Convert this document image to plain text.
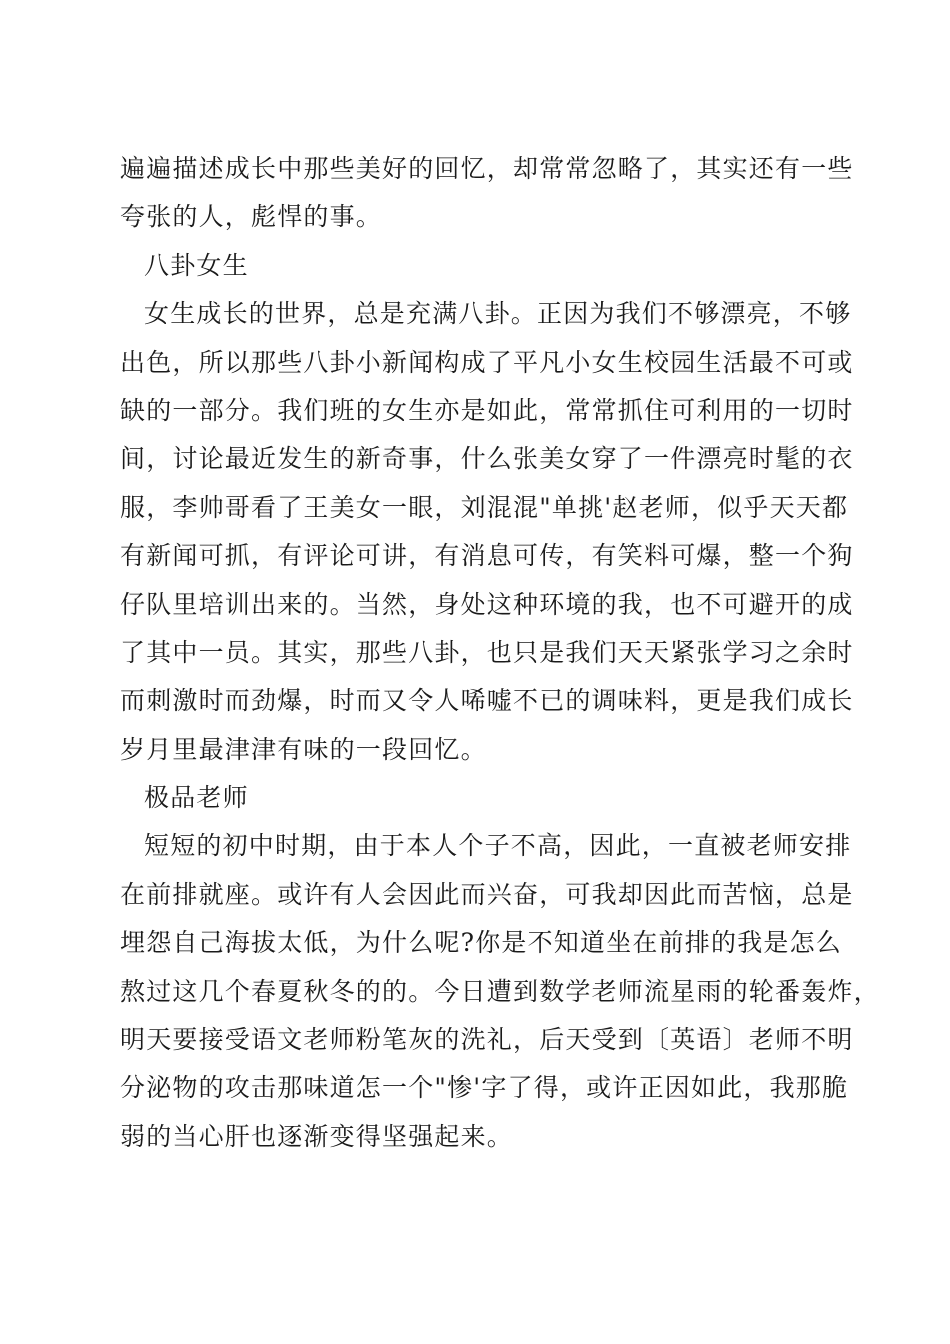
遍遍描述成长中那些美好的回忆，却常常忽略了，其实还有一些
夸张的人，彪悍的事。
八卦女生
女生成长的世界，总是充满八卦。正因为我们不够漂亮，不够
出色，所以那些八卦小新闻构成了平凡小女生校园生活最不可或
缺的一部分。我们班的女生亦是如此，常常抓住可利用的一切时
间，讨论最近发生的新奇事，什么张美女穿了一件漂亮时髦的衣
服，李帅哥看了王美女一眼，刘混混"单挑'赵老师，似乎天天都
有新闻可抓，有评论可讲，有消息可传，有笑料可爆，整一个狗
仔队里培训出来的。当然，身处这种环境的我，也不可避开的成
了其中一员。其实，那些八卦，也只是我们天天紧张学习之余时
而刺激时而劲爆，时而又令人唏嘘不已的调味料，更是我们成长
岁月里最津津有味的一段回忆。
极品老师
短短的初中时期，由于本人个子不高，因此，一直被老师安排
在前排就座。或许有人会因此而兴奋，可我却因此而苦恼，总是
埋怨自己海拔太低，为什么呢?你是不知道坐在前排的我是怎么
熬过这几个春夏秋冬的的。今日遭到数学老师流星雨的轮番轰炸，
明天要接受语文老师粉笔灰的洗礼，后天受到〔英语〕老师不明
分泌物的攻击那味道怎一个"惨'字了得，或许正因如此，我那脆
弱的当心肝也逐渐变得坚强起来。
